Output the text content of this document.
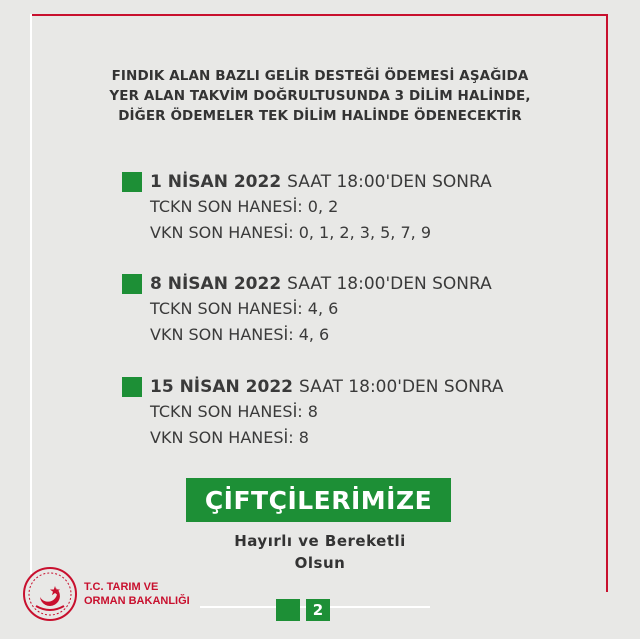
FINDIK ALAN BAZLI GELİR DESTEĞİ ÖDEMESİ AŞAĞIDA
YER ALAN TAKVİM DOĞRULTUSUNDA 3 DİLİM HALİNDE,
DİĞER ÖDEMELER TEK DİLİM HALİNDE ÖDENECEKTİR
1 NİSAN 2022 SAAT 18:00'DEN SONRA
TCKN SON HANESİ: 0, 2
VKN SON HANESİ: 0, 1, 2, 3, 5, 7, 9
8 NİSAN 2022 SAAT 18:00'DEN SONRA
TCKN SON HANESİ: 4, 6
VKN SON HANESİ: 4, 6
15 NİSAN 2022 SAAT 18:00'DEN SONRA
TCKN SON HANESİ: 8
VKN SON HANESİ: 8
ÇİFTÇİLERİMİZE
Hayırlı ve Bereketli
Olsun
T.C. TARIM VE
ORMAN BAKANLIĞI	2
